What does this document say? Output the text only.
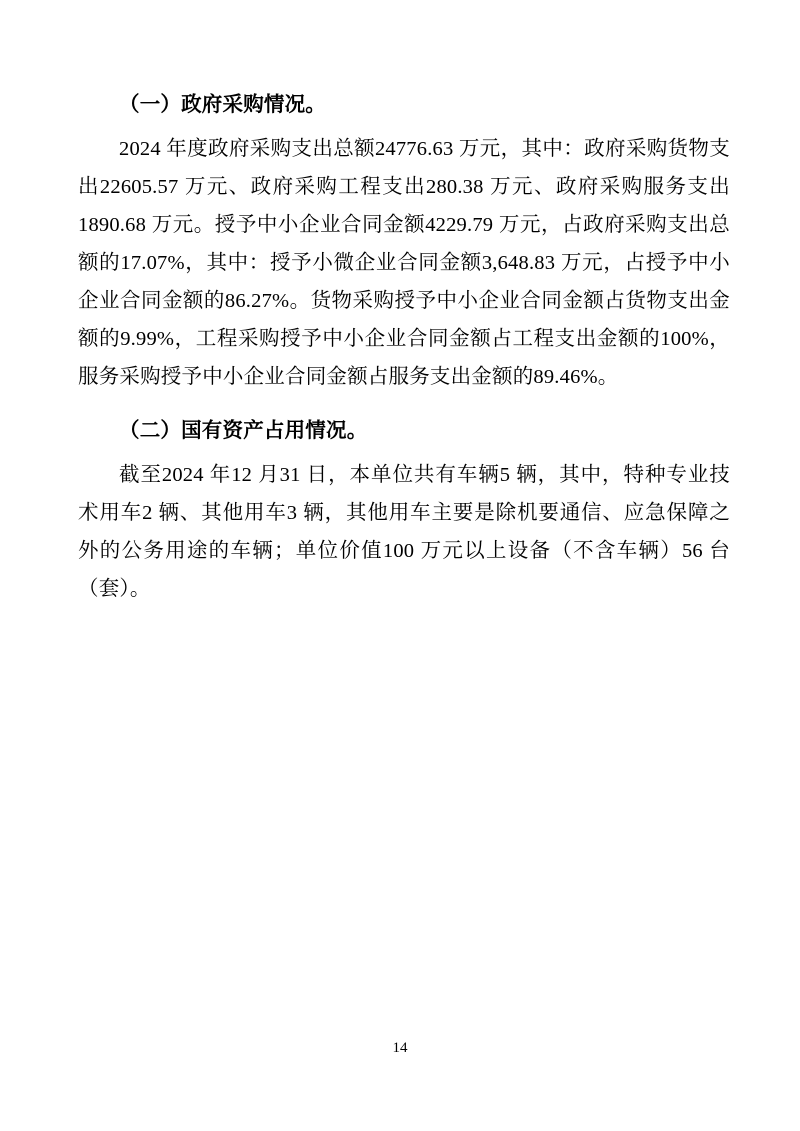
（一）政府采购情况。

2024 年度政府采购支出总额24776.63 万元，其中：政府采购货物支出22605.57 万元、政府采购工程支出280.38 万元、政府采购服务支出1890.68 万元。授予中小企业合同金额4229.79 万元，占政府采购支出总额的17.07%，其中：授予小微企业合同金额3,648.83 万元，占授予中小企业合同金额的86.27%。货物采购授予中小企业合同金额占货物支出金额的9.99%，工程采购授予中小企业合同金额占工程支出金额的100%，服务采购授予中小企业合同金额占服务支出金额的89.46%。

（二）国有资产占用情况。

截至2024 年12 月31 日，本单位共有车辆5 辆，其中，特种专业技术用车2 辆、其他用车3 辆，其他用车主要是除机要通信、应急保障之外的公务用途的车辆；单位价值100 万元以上设备（不含车辆）56 台（套）。

14
